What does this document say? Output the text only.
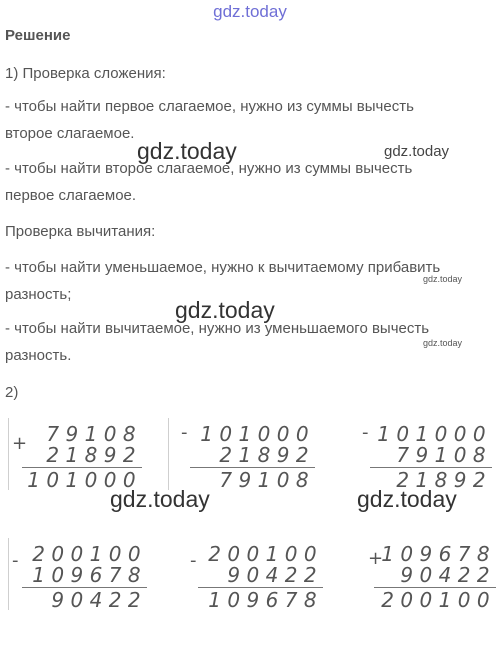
gdz.today
Решение
1) Проверка сложения:
- чтобы найти первое слагаемое, нужно из суммы вычесть
второе слагаемое.
- чтобы найти второе слагаемое, нужно из суммы вычесть
первое слагаемое.
Проверка вычитания:
- чтобы найти уменьшаемое, нужно к вычитаемому прибавить
разность;
- чтобы найти вычитаемое, нужно из уменьшаемого вычесть
разность.
2)
gdz.today	gdz.today
gdz.today
gdz.today
gdz.today
gdz.today	gdz.today
+ 79108
21892
101000
- 101000
21892
79108
- 101000
79108
21892
- 200100
109678
90422
- 200100
90422
109678
+
109678
90422
200100
